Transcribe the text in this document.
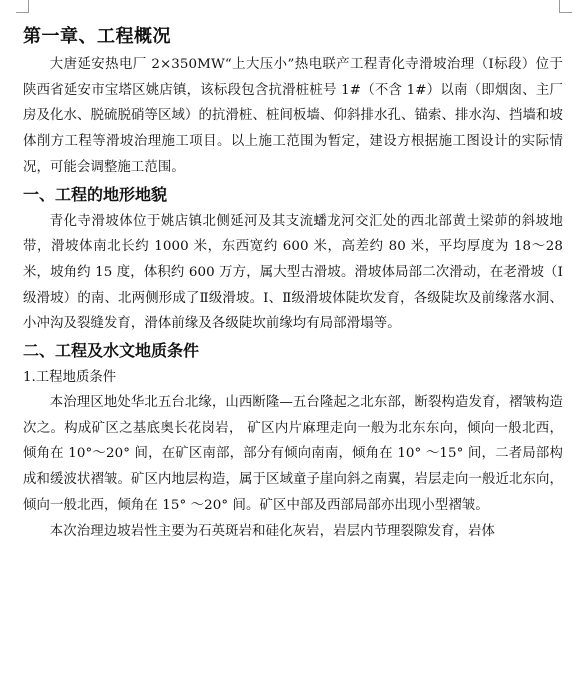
第一章、工程概况

大唐延安热电厂 2×350MW“上大压小”热电联产工程青化寺滑坡治理（Ⅰ标段）位于陕西省延安市宝塔区姚店镇，该标段包含抗滑桩桩号 1#（不含 1#）以南（即烟囱、主厂房及化水、脱硫脱硝等区域）的抗滑桩、桩间板墙、仰斜排水孔、锚索、排水沟、挡墙和坡体削方工程等滑坡治理施工项目。以上施工范围为暂定，建设方根据施工图设计的实际情况，可能会调整施工范围。

一、工程的地形地貌

青化寺滑坡体位于姚店镇北侧延河及其支流蟠龙河交汇处的西北部黄土梁茆的斜坡地带，滑坡体南北长约 1000 米，东西宽约 600 米，高差约 80 米，平均厚度为 18～28 米，坡角约 15 度，体积约 600 万方，属大型古滑坡。滑坡体局部二次滑动，在老滑坡（Ⅰ级滑坡）的南、北两侧形成了Ⅱ级滑坡。Ⅰ、Ⅱ级滑坡体陡坎发育，各级陡坎及前缘落水洞、小冲沟及裂缝发育，滑体前缘及各级陡坎前缘均有局部滑塌等。

二、工程及水文地质条件

1.工程地质条件

本治理区地处华北五台北缘，山西断隆—五台隆起之北东部，断裂构造发育，褶皱构造次之。构成矿区之基底奥长花岗岩， 矿区内片麻理走向一般为北东东向，倾向一般北西，倾角在 10°～20° 间，在矿区南部，部分有倾向南南，倾角在 10° ～15° 间，二者局部构成和缓波状褶皱。矿区内地层构造，属于区域童子崖向斜之南翼，岩层走向一般近北东向，倾向一般北西，倾角在 15° ～20° 间。矿区中部及西部局部亦出现小型褶皱。

本次治理边坡岩性主要为石英斑岩和硅化灰岩，岩层内节理裂隙发育，岩体
